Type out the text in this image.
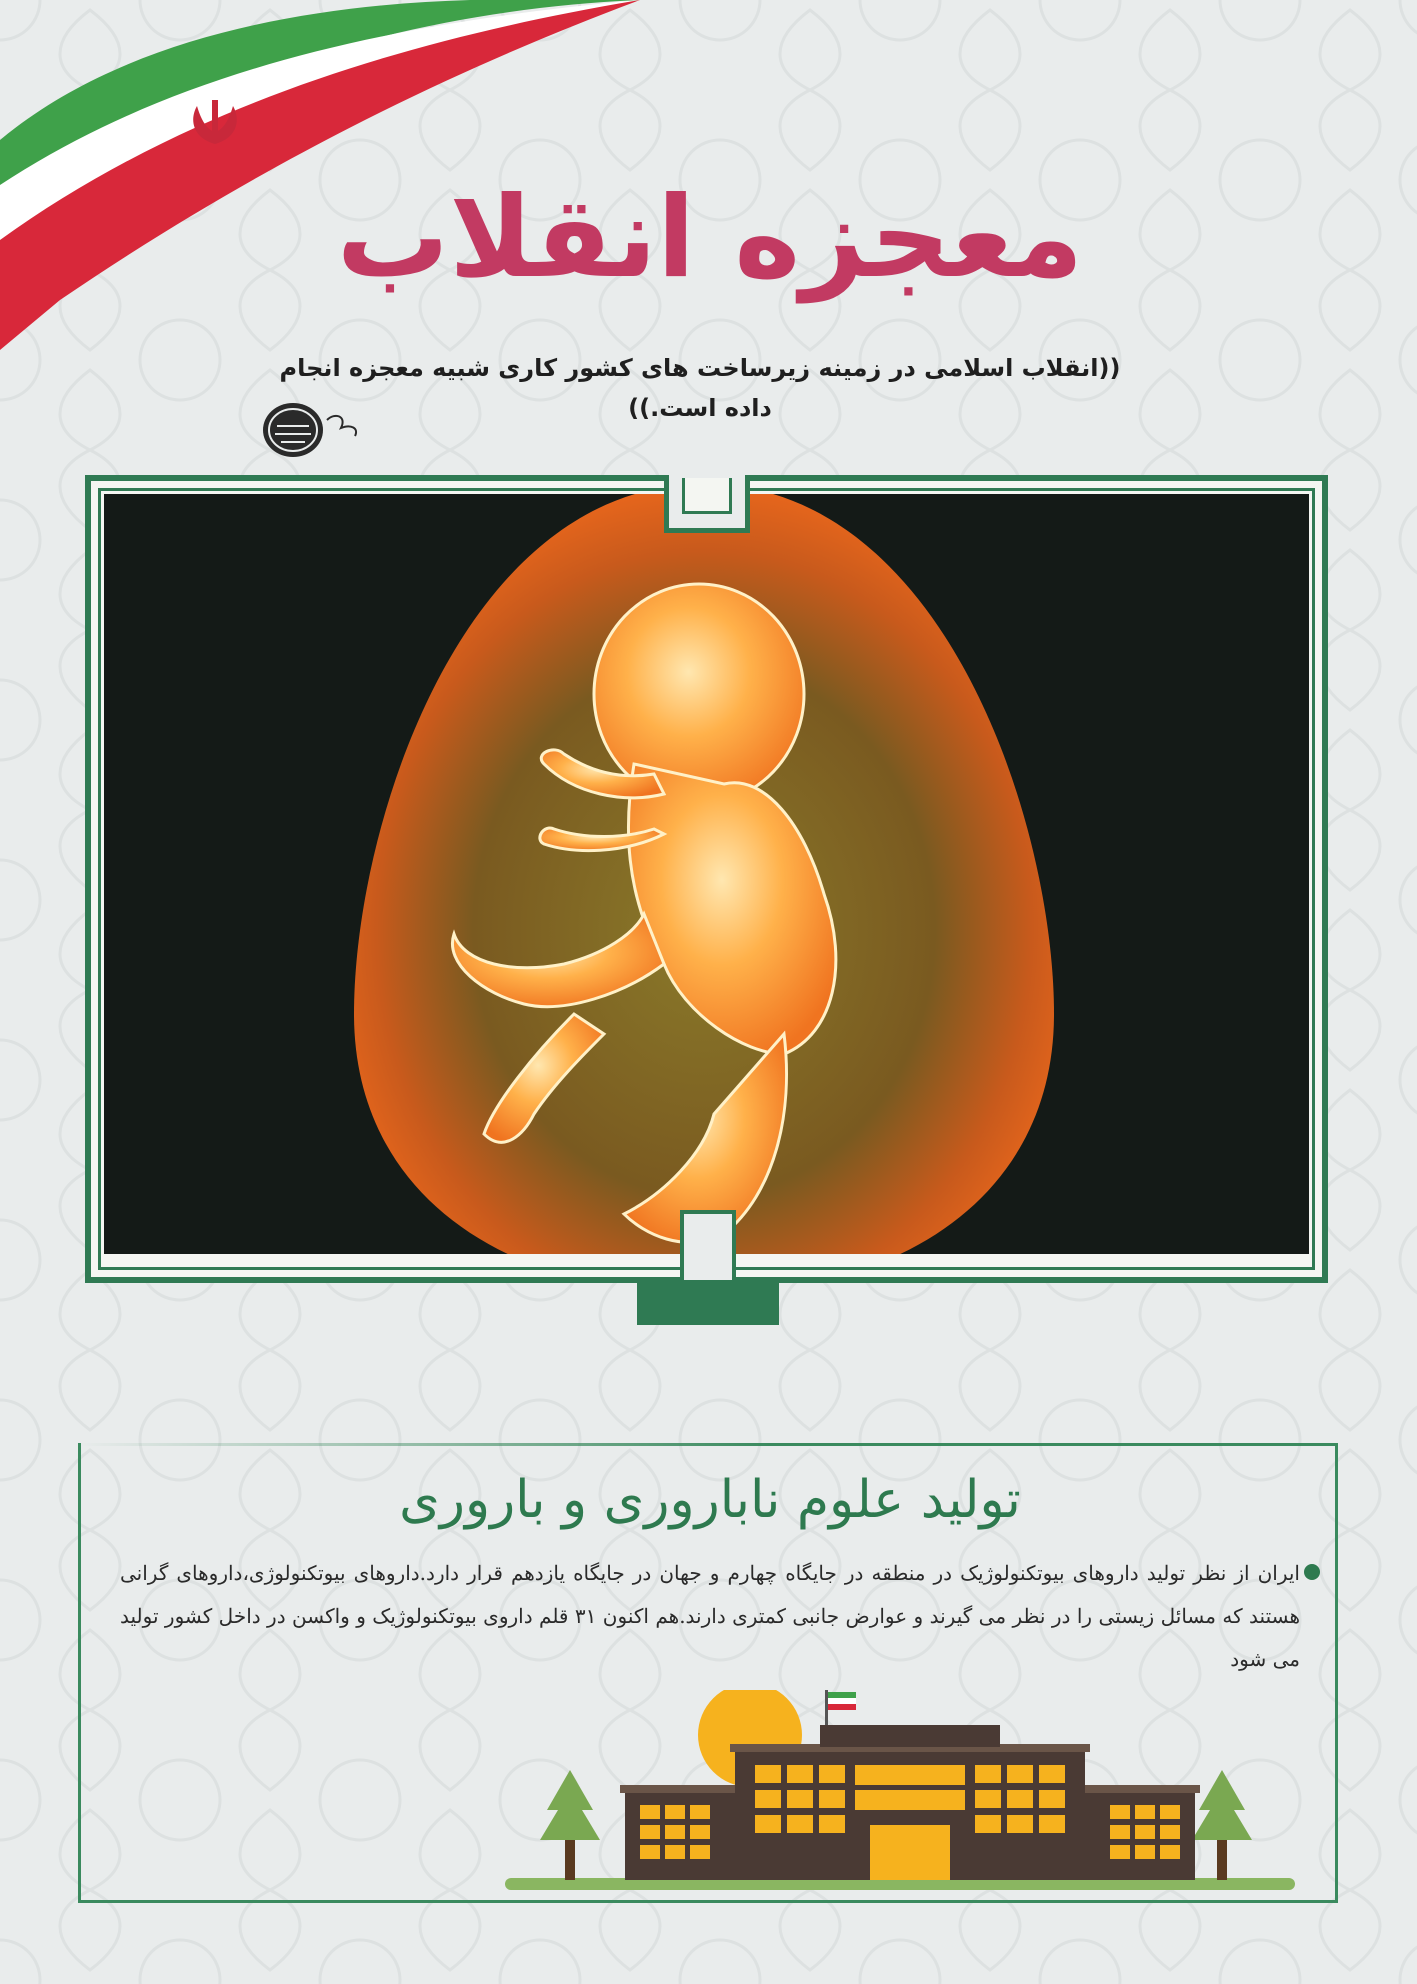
معجزه انقلاب
((انقلاب اسلامی در زمینه زیرساخت های کشور کاری شبیه معجزه انجام داده است.))
تولید علوم ناباروری و باروری
ایران از نظر تولید داروهای بیوتکنولوژیک در منطقه در جایگاه چهارم و جهان در جایگاه یازدهم قرار دارد.داروهای بیوتکنولوژی،داروهای گرانی هستند که مسائل زیستی را در نظر می گیرند و عوارض جانبی کمتری دارند.هم اکنون ۳۱ قلم داروی بیوتکنولوژیک و واکسن در داخل کشور تولید می شود
